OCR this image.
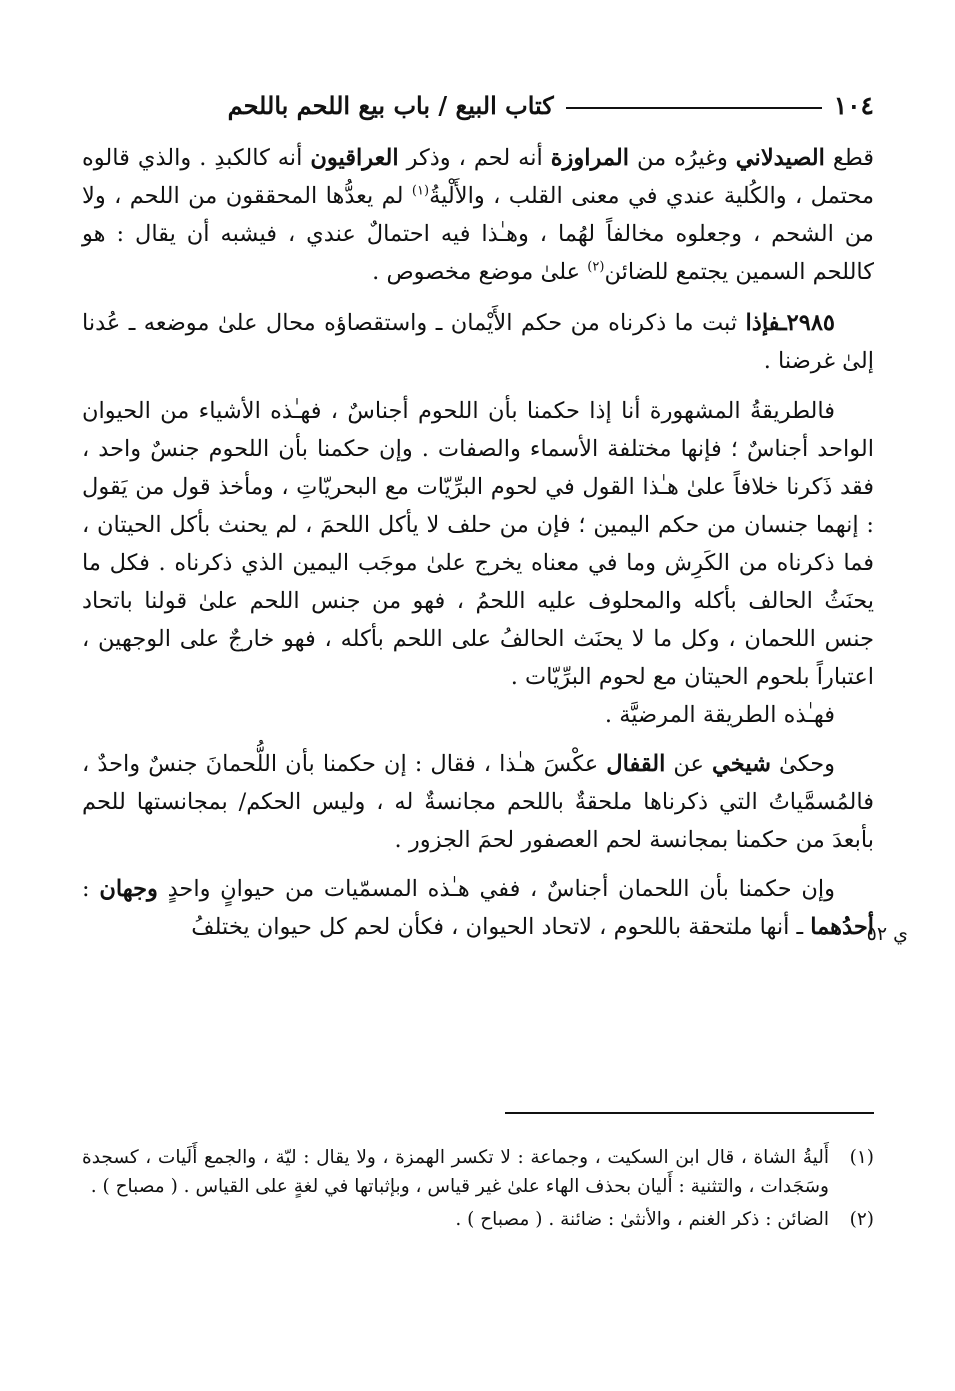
١٠٤
كتاب البيع / باب بيع اللحم باللحم

قطع الصيدلاني وغيرُه من المراوزة أنه لحم ، وذكر العراقيون أنه كالكبدِ . والذي قالوه محتمل ، والكُلية عندي في معنى القلب ، والأَلْيةُ$^{(١)}$ لم يعدُّها المحققون من اللحم ، ولا من الشحم ، وجعلوه مخالفاً لهُما ، وهـٰذا فيه احتمالٌ عندي ، فيشبه أن يقال : هو كاللحم السمين يجتمع للضائن$^{(٢)}$ علىٰ موضع مخصوص .

٢٩٨٥ـفإذا ثبت ما ذكرناه من حكم الأَيْمان ـ واستقصاؤه محال علىٰ موضعه ـ عُدنا إلىٰ غرضنا .

فالطريقةُ المشهورة أنا إذا حكمنا بأن اللحوم أجناسٌ ، فهـٰذه الأشياء من الحيوان الواحد أجناسٌ ؛ فإنها مختلفة الأسماء والصفات . وإن حكمنا بأن اللحوم جنسٌ واحد ، فقد ذَكرنا خلافاً علىٰ هـٰذا القول في لحوم البرِّيّات مع البحريّاتِ ، ومأخذ قول من يَقول : إنهما جنسان من حكم اليمين ؛ فإن من حلف لا يأكل اللحمَ ، لم يحنث بأكل الحيتان ، فما ذكرناه من الكَرِش وما في معناه يخرج علىٰ موجَب اليمين الذي ذكرناه . فكل ما يحنَثُ الحالف بأكله والمحلوف عليه اللحمُ ، فهو من جنس اللحم علىٰ قولنا باتحاد جنس اللحمان ، وكل ما لا يحنَث الحالفُ على اللحم بأكله ، فهو خارجٌ على الوجهين ، اعتباراً بلحوم الحيتان مع لحوم البرِّيّات .

فهـٰذه الطريقة المرضيَّة .

وحكىٰ شيخي عن القفال عكْسَ هـٰذا ، فقال : إن حكمنا بأن اللُّحمانَ جنسٌ واحدٌ ، فالمُسمَّياتُ التي ذكرناها ملحقةٌ باللحم مجانسةٌ له ، وليس الحكم/ بمجانستها للحم بأبعدَ من حكمنا بمجانسة لحم العصفور لحمَ الجزور .

وإن حكمنا بأن اللحمان أجناسٌ ، ففي هـٰذه المسمّيات من حيوانٍ واحدٍ وجهان : أحدُهما ـ أنها ملتحقة باللحوم ، لاتحاد الحيوان ، فكأن لحم كل حيوان يختلفُ	ي ٥٢
(١)
أَليةُ الشاة ، قال ابن السكيت ، وجماعة : لا تكسر الهمزة ، ولا يقال : ليّة ، والجمع أَلَيات ، كسجدة وسَجَدات ، والتثنية : أَليان بحذف الهاء علىٰ غير قياس ، وبإثباتها في لغةٍ على القياس . ( مصباح ) .
(٢)
الضائن : ذكر الغنم ، والأنثىٰ : ضائنة . ( مصباح ) .
